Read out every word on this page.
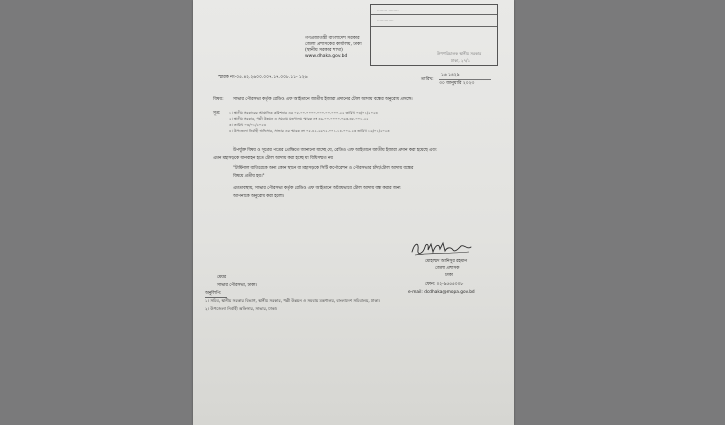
........ ........
.............
উপপরিচালক স্থানীয় সরকার
ঢাকা, ২৭/১
গণপ্রজাতন্ত্রী বাংলাদেশ সরকার
জেলা প্রশাসকের কার্যালয়, ঢাকা
(স্থানীয় সরকার শাখা)
www.dhaka.gov.bd
স্মারক নং-০৫.৪২.২৬০০.০০৭.১৭.০০৮.১১- ১২৬	তারিখ:
১৬ ১৪২৯
৩০ জানুয়ারি ২০২৩
বিষয়: সাভার পৌরসভা কর্তৃক রেডিও এফ আইতানে জাতীয় ইজারা প্রদানের টোল আদায় বন্ধের অনুরোধ প্রসঙ্গে।
সূত্র: ১। স্থানীয় সরকারের আঞ্চলিক কমিশনার এর ০৫.০০.০০০০.০০০.০০.০০০.২২ তারিখ ০৩/০১/২০২৩
২। স্থানীয় সরকার, পল্লী উন্নয়ন ও সমবায় মন্ত্রণালয় স্মারক নং ৪৬.০০.০০০০.০৬৩.৩৮.০০১.২২
৩। তারিখ ০৩/০১/২০২৩
৪। উপজেলা নির্বাহী অফিসার, সাভার এর স্মারক নং ০৫.৪২.২৬৭২.০০১.১৪.০০২.২৩ তারিখ ১৬/০১/২০২৩
উপর্যুক্ত বিষয় ও সূত্রের পত্রের প্রেক্ষিতে জানানো যাচ্ছে যে, রেডিও এফ আইতানে জাতীয় ইজারা প্রদান করা হয়েছে এবং
এমন মহাসড়কে যানবাহন হতে টোল আদায় করা হচ্ছে যা বিধিসম্মত নয়
"টার্মিনাল ব্যতিরেকে অন্য কোন স্থানে বা মহাসড়কে সিটি কর্পোরেশন ও পৌরসভার চাঁদা/টোল আদায় বন্ধের
বিষয়ে প্রতীয় হয়।"
এমতাবস্থায়, সাভার পৌরসভা কর্তৃক রেডিও এফ আইতানে অবৈধভাবে টোল আদায় বন্ধ করার জন্য
আপনাকে অনুরোধ করা হলো।
মোহাম্মদ আনিসুর রহমান
জেলা প্রশাসক
ঢাকা
ফোন: ০২-৯৫৫৫০০৮
e-mail: dcdhaka@mopa.gov.bd
মেয়র
সাভার পৌরসভা, ঢাকা।
অনুলিপি:
১। সচিব, স্থানীয় সরকার বিভাগ, স্থানীয় সরকার, পল্লী উন্নয়ন ও সমবায় মন্ত্রণালয়, বাংলাদেশ সচিবালয়, ঢাকা।
২। উপজেলা নির্বাহী অফিসার, সাভার, ঢাকা।
